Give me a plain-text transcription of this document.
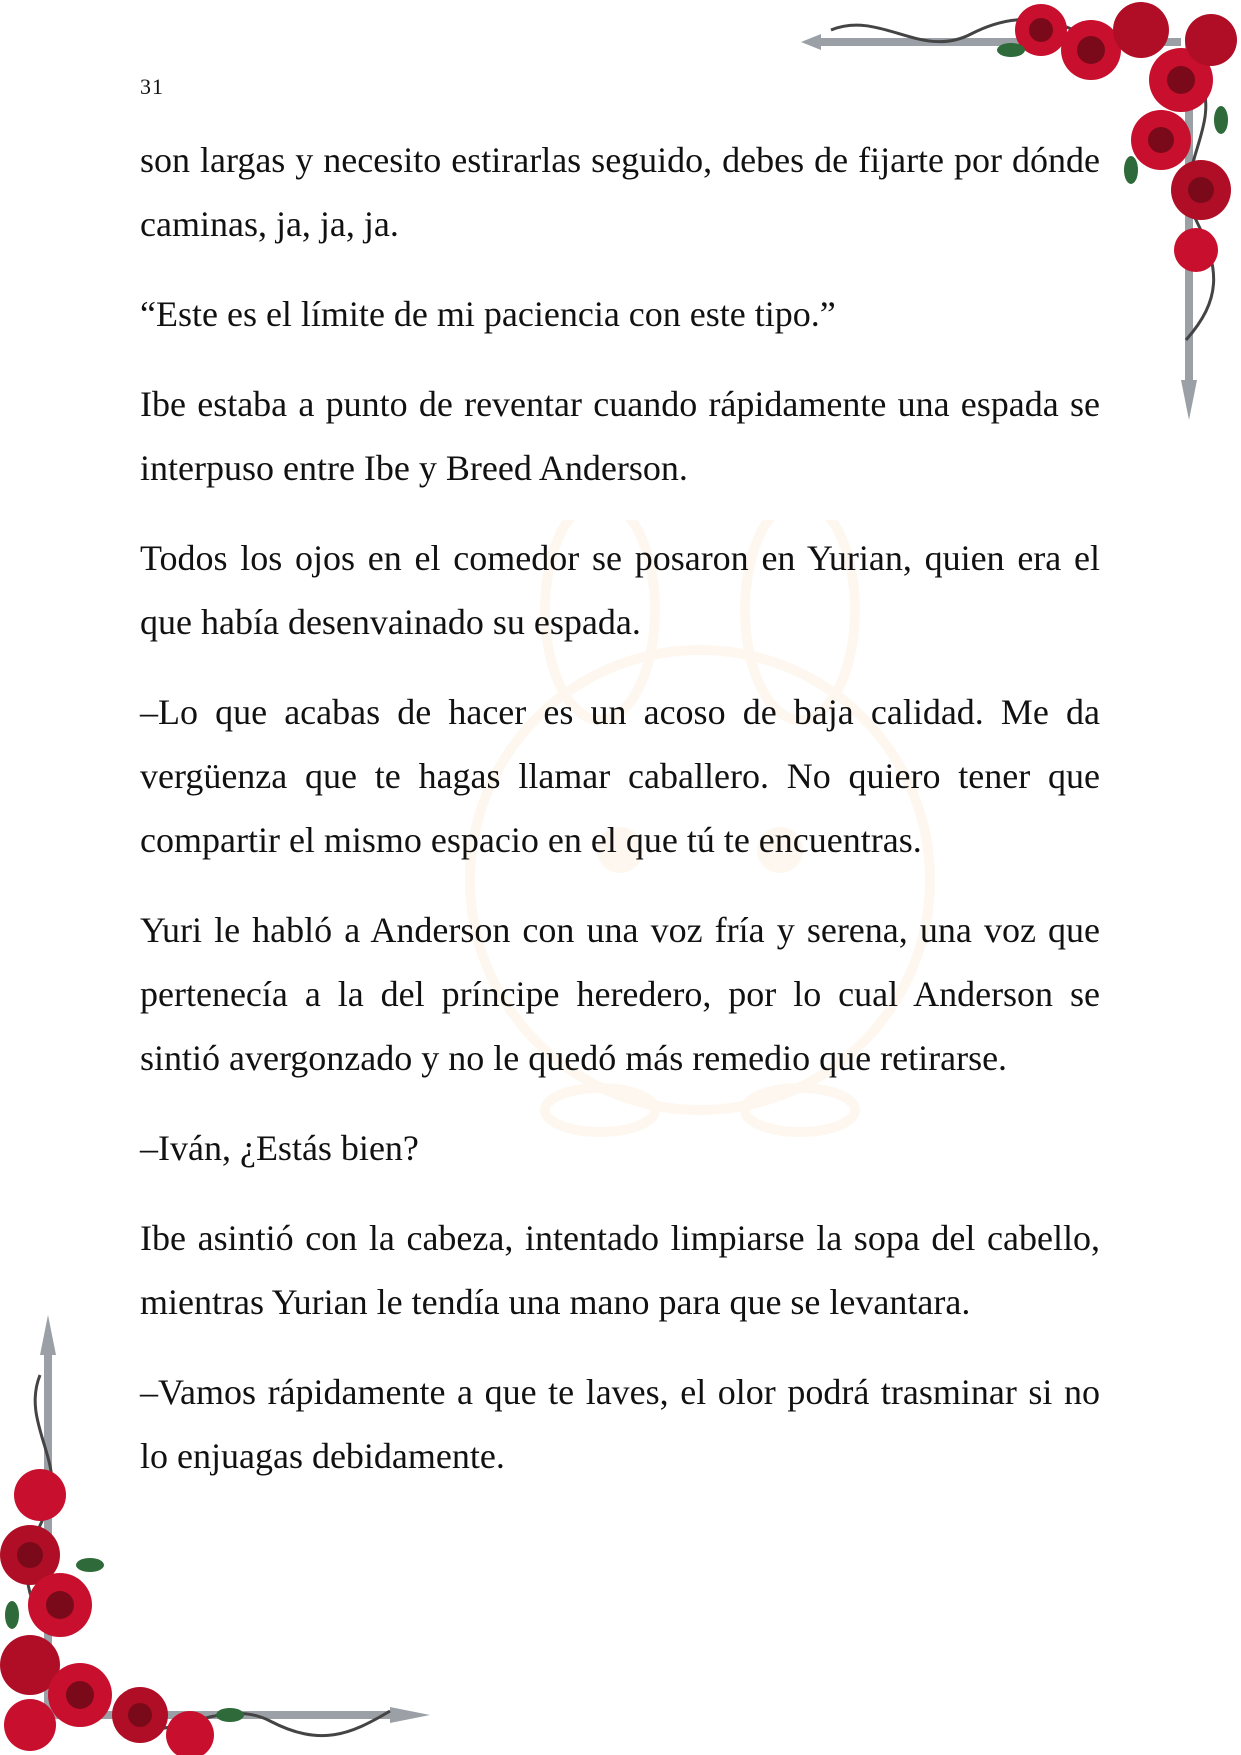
31

son largas y necesito estirarlas seguido, debes de fijarte por dónde caminas, ja, ja, ja.

“Este es el límite de mi paciencia con este tipo.”

Ibe estaba a punto de reventar cuando rápidamente una espada se interpuso entre Ibe y Breed Anderson.

Todos los ojos en el comedor se posaron en Yurian, quien era el que había desenvainado su espada.

–Lo que acabas de hacer es un acoso de baja calidad. Me da vergüenza que te hagas llamar caballero. No quiero tener que compartir el mismo espacio en el que tú te encuentras.

Yuri le habló a Anderson con una voz fría y serena, una voz que pertenecía a la del príncipe heredero, por lo cual Anderson se sintió avergonzado y no le quedó más remedio que retirarse.

–Iván, ¿Estás bien?

Ibe asintió con la cabeza, intentado limpiarse la sopa del cabello, mientras Yurian le tendía una mano para que se levantara.

–Vamos rápidamente a que te laves, el olor podrá trasminar si no lo enjuagas debidamente.
